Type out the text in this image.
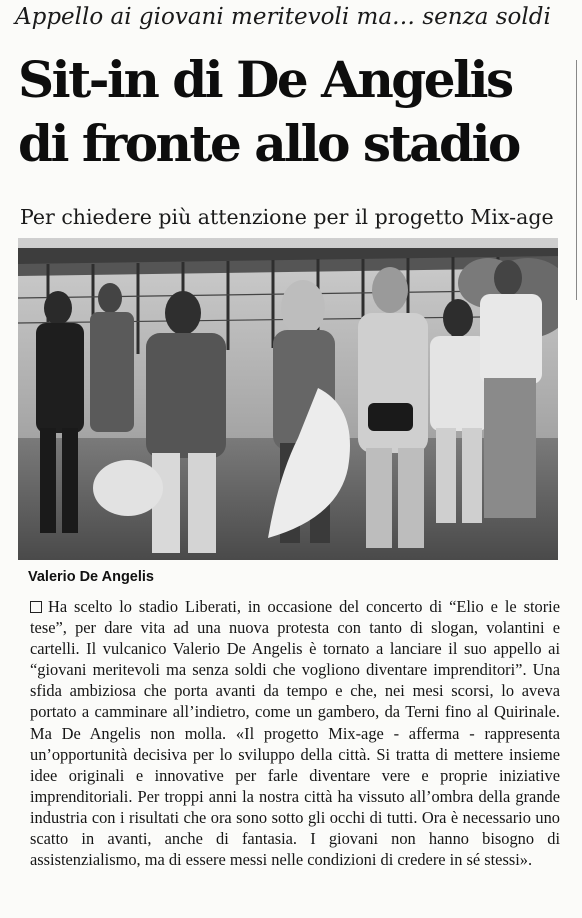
Appello ai giovani meritevoli ma… senza soldi
Sit-in di De Angelis
di fronte allo stadio
Per chiedere più attenzione per il progetto Mix-age
Valerio De Angelis
Ha scelto lo stadio Liberati, in occasione del concerto di “Elio e le storie tese”, per dare vita ad una nuova protesta con tanto di slogan, volantini e cartelli. Il vulcanico Valerio De Angelis è tornato a lanciare il suo appello ai “giovani meritevoli ma senza soldi che vogliono diventare imprenditori”. Una sfida ambiziosa che porta avanti da tempo e che, nei mesi scorsi, lo aveva portato a camminare all’indietro, come un gambero, da Terni fino al Quirinale. Ma De Angelis non molla. «Il progetto Mix-age - afferma - rappresenta un’opportunità decisiva per lo sviluppo della città. Si tratta di mettere insieme idee originali e innovative per farle diventare vere e proprie iniziative imprenditoriali. Per troppi anni la nostra città ha vissuto all’ombra della grande industria con i risultati che ora sono sotto gli occhi di tutti. Ora è necessario uno scatto in avanti, anche di fantasia. I giovani non hanno bisogno di assistenzialismo, ma di essere messi nelle condizioni di credere in sé stessi».
